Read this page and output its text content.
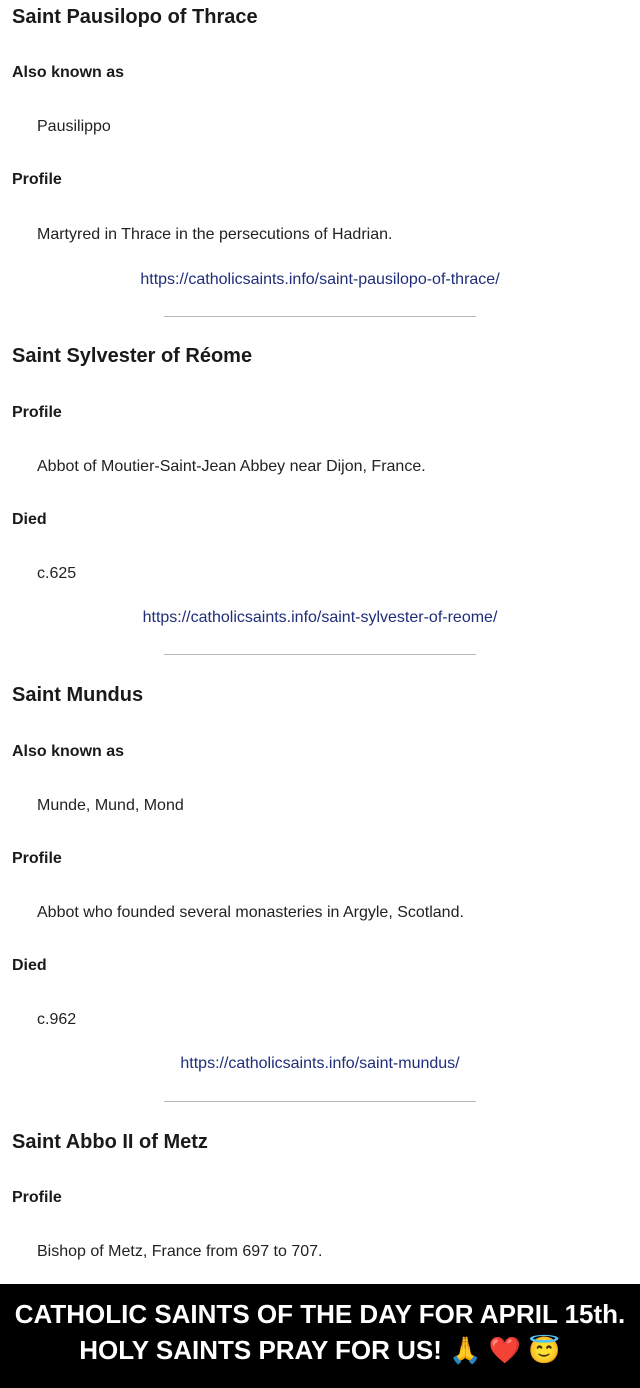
Saint Pausilopo of Thrace
Also known as
Pausilippo
Profile
Martyred in Thrace in the persecutions of Hadrian.
https://catholicsaints.info/saint-pausilopo-of-thrace/
Saint Sylvester of Réome
Profile
Abbot of Moutier-Saint-Jean Abbey near Dijon, France.
Died
c.625
https://catholicsaints.info/saint-sylvester-of-reome/
Saint Mundus
Also known as
Munde, Mund, Mond
Profile
Abbot who founded several monasteries in Argyle, Scotland.
Died
c.962
https://catholicsaints.info/saint-mundus/
Saint Abbo II of Metz
Profile
Bishop of Metz, France from 697 to 707.
CATHOLIC SAINTS OF THE DAY FOR APRIL 15th.
HOLY SAINTS PRAY FOR US! 🙏 ❤️ 😇
